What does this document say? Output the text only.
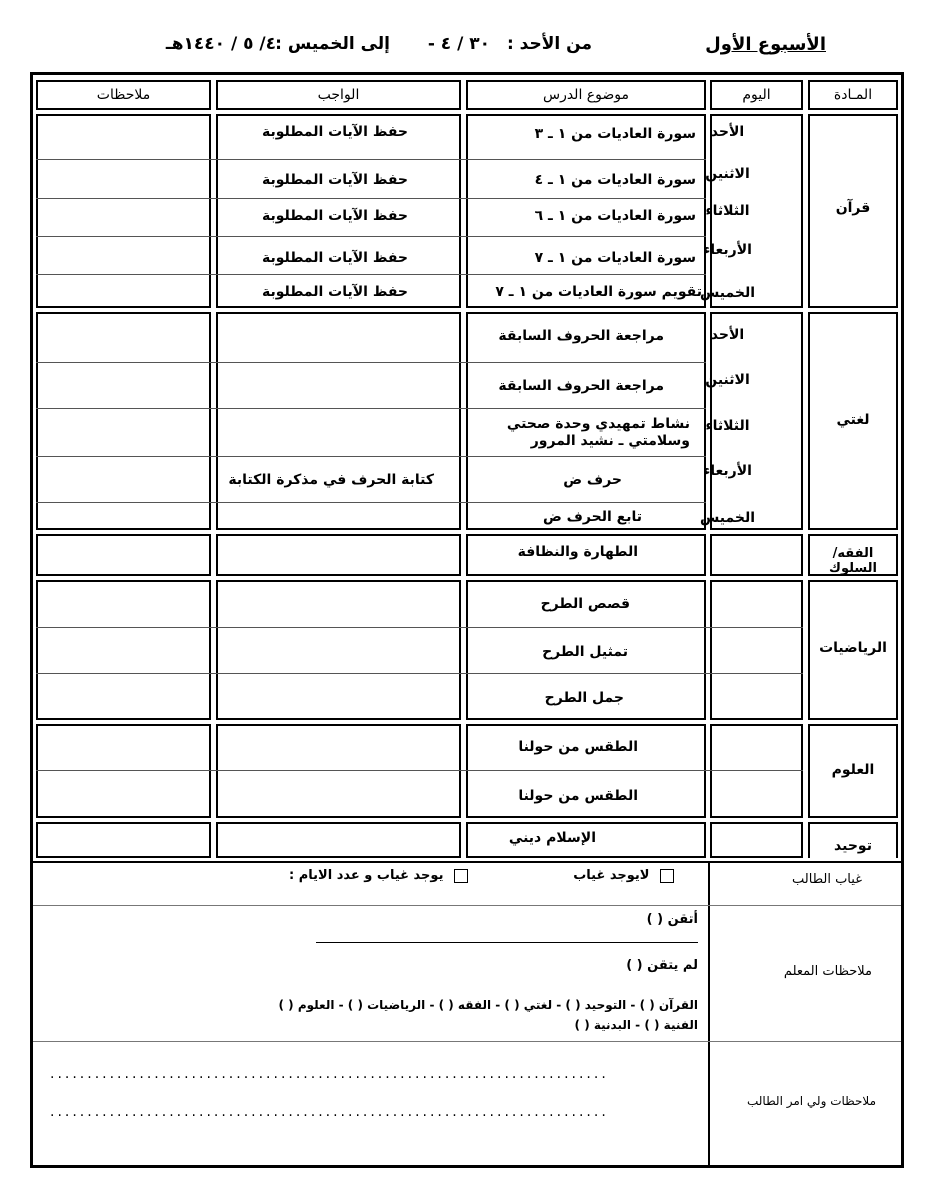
الأسبوع الأول
من الأحد :
٣٠ / ٤ -
إلى الخميس :
٤/ ٥ / ١٤٤٠هـ
المـادة
اليوم
موضوع الدرس
الواجب
ملاحظات
قرآن
الأحد
سورة العاديات من ١ ـ ٣
حفظ الآيات المطلوبة
الاثنين
سورة العاديات من ١ ـ ٤
حفظ الآيات المطلوبة
الثلاثاء
سورة العاديات من ١ ـ ٦
حفظ الآيات المطلوبة
الأربعاء
سورة العاديات من ١ ـ ٧
حفظ الآيات المطلوبة
الخميس
تقويم سورة العاديات من ١ ـ ٧
حفظ الآيات المطلوبة
لغتي
الأحد
مراجعة الحروف السابقة
الاثنين
مراجعة الحروف السابقة
الثلاثاء
نشاط تمهيدي وحدة صحتي
وسلامتي ـ نشيد المرور
الأربعاء
حرف ض
كتابة الحرف في مذكرة الكتابة
الخميس
تابع الحرف ض
الفقه/السلوك
الطهارة والنظافة
الرياضيات
قصص الطرح
تمثيل الطرح
جمل الطرح
العلوم
الطقس من حولنا
الطقس من حولنا
توحيد
الإسلام ديني
غياب الطالب
لايوجد غياب
يوجد غياب و عدد الايام :
ملاحظات المعلم
أتقن ( )
لم يتقن ( )
القرآن ( ) - التوحيد ( ) - لغتي ( ) - الفقه ( ) - الرياضيات ( ) - العلوم ( )
الفنية ( ) - البدنية ( )
ملاحظات ولي امر الطالب
...........................................................................
...........................................................................
